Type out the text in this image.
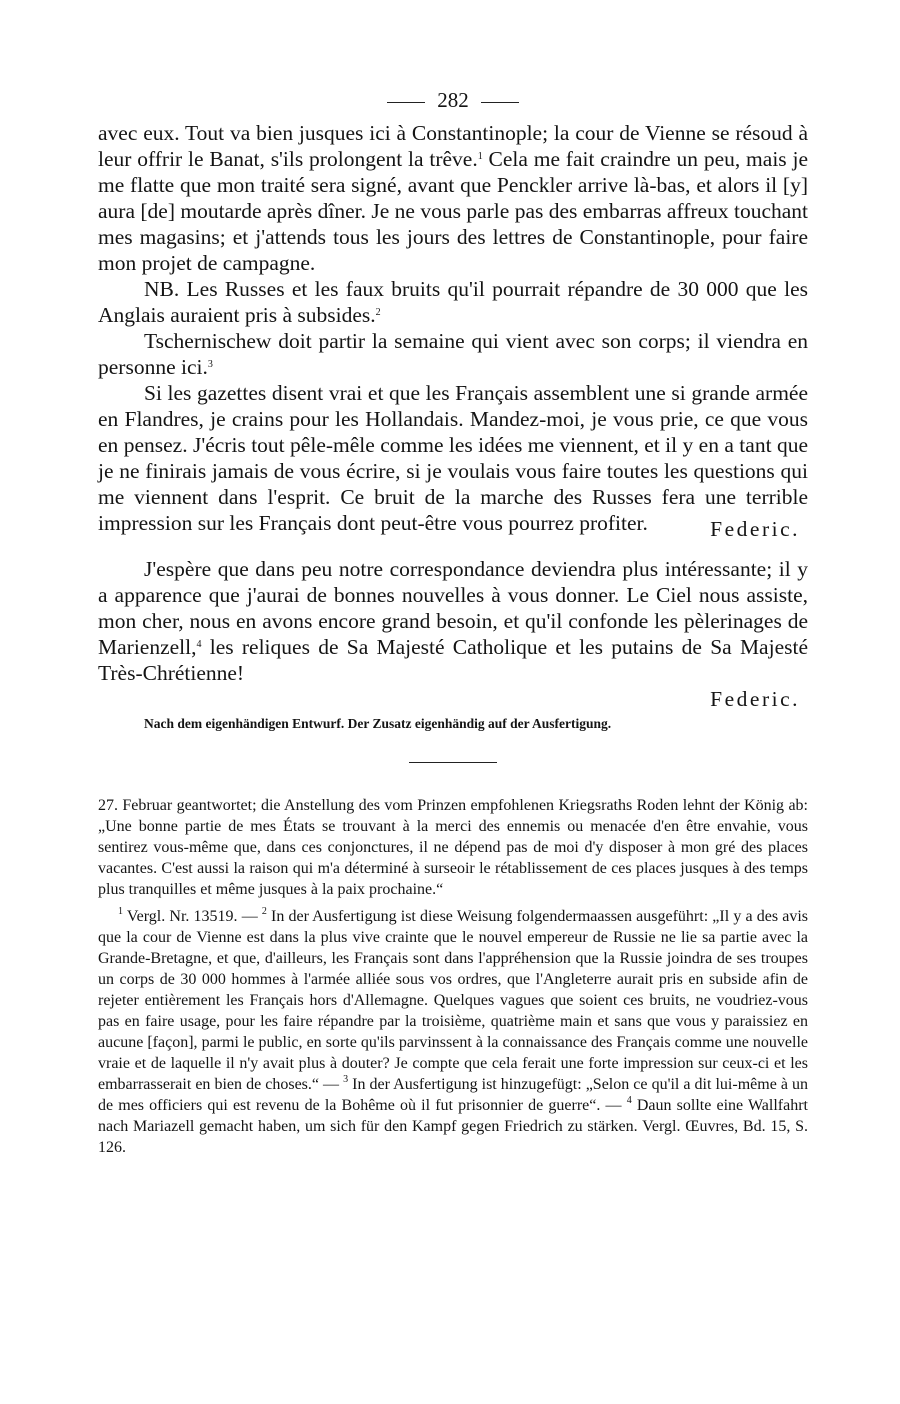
282

avec eux. Tout va bien jusques ici à Constantinople; la cour de Vienne se résoud à leur offrir le Banat, s'ils prolongent la trêve.$^1$ Cela me fait craindre un peu, mais je me flatte que mon traité sera signé, avant que Penckler arrive là-bas, et alors il [y] aura [de] moutarde après dîner. Je ne vous parle pas des embarras affreux touchant mes magasins; et j'attends tous les jours des lettres de Constantinople, pour faire mon projet de campagne.

NB. Les Russes et les faux bruits qu'il pourrait répandre de 30 000 que les Anglais auraient pris à subsides.$^2$

Tschernischew doit partir la semaine qui vient avec son corps; il viendra en personne ici.$^3$

Si les gazettes disent vrai et que les Français assemblent une si grande armée en Flandres, je crains pour les Hollandais. Mandez-moi, je vous prie, ce que vous en pensez. J'écris tout pêle-mêle comme les idées me viennent, et il y en a tant que je ne finirais jamais de vous écrire, si je voulais vous faire toutes les questions qui me viennent dans l'esprit. Ce bruit de la marche des Russes fera une terrible impression sur les Français dont peut-être vous pourrez profiter.	Federic.

J'espère que dans peu notre correspondance deviendra plus intéressante; il y a apparence que j'aurai de bonnes nouvelles à vous donner. Le Ciel nous assiste, mon cher, nous en avons encore grand besoin, et qu'il confonde les pèlerinages de Marienzell,$^4$ les reliques de Sa Majesté Catholique et les putains de Sa Majesté Très-Chrétienne!

Federic.
Nach dem eigenhändigen Entwurf. Der Zusatz eigenhändig auf der Ausfertigung.

27. Februar geantwortet; die Anstellung des vom Prinzen empfohlenen Kriegsraths Roden lehnt der König ab: „Une bonne partie de mes États se trouvant à la merci des ennemis ou menacée d'en être envahie, vous sentirez vous-même que, dans ces conjonctures, il ne dépend pas de moi d'y disposer à mon gré des places vacantes. C'est aussi la raison qui m'a déterminé à surseoir le rétablissement de ces places jusques à des temps plus tranquilles et même jusques à la paix prochaine.“

$^1$ Vergl. Nr. 13519. — $^2$ In der Ausfertigung ist diese Weisung folgendermaassen ausgeführt: „Il y a des avis que la cour de Vienne est dans la plus vive crainte que le nouvel empereur de Russie ne lie sa partie avec la Grande-Bretagne, et que, d'ailleurs, les Français sont dans l'appréhension que la Russie joindra de ses troupes un corps de 30 000 hommes à l'armée alliée sous vos ordres, que l'Angleterre aurait pris en subside afin de rejeter entièrement les Français hors d'Allemagne. Quelques vagues que soient ces bruits, ne voudriez-vous pas en faire usage, pour les faire répandre par la troisième, quatrième main et sans que vous y paraissiez en aucune [façon], parmi le public, en sorte qu'ils parvinssent à la connaissance des Français comme une nouvelle vraie et de laquelle il n'y avait plus à douter? Je compte que cela ferait une forte impression sur ceux-ci et les embarrasserait en bien de choses.“ — $^3$ In der Ausfertigung ist hinzugefügt: „Selon ce qu'il a dit lui-même à un de mes officiers qui est revenu de la Bohême où il fut prisonnier de guerre“. — $^4$ Daun sollte eine Wallfahrt nach Mariazell gemacht haben, um sich für den Kampf gegen Friedrich zu stärken. Vergl. Œuvres, Bd. 15, S. 126.
